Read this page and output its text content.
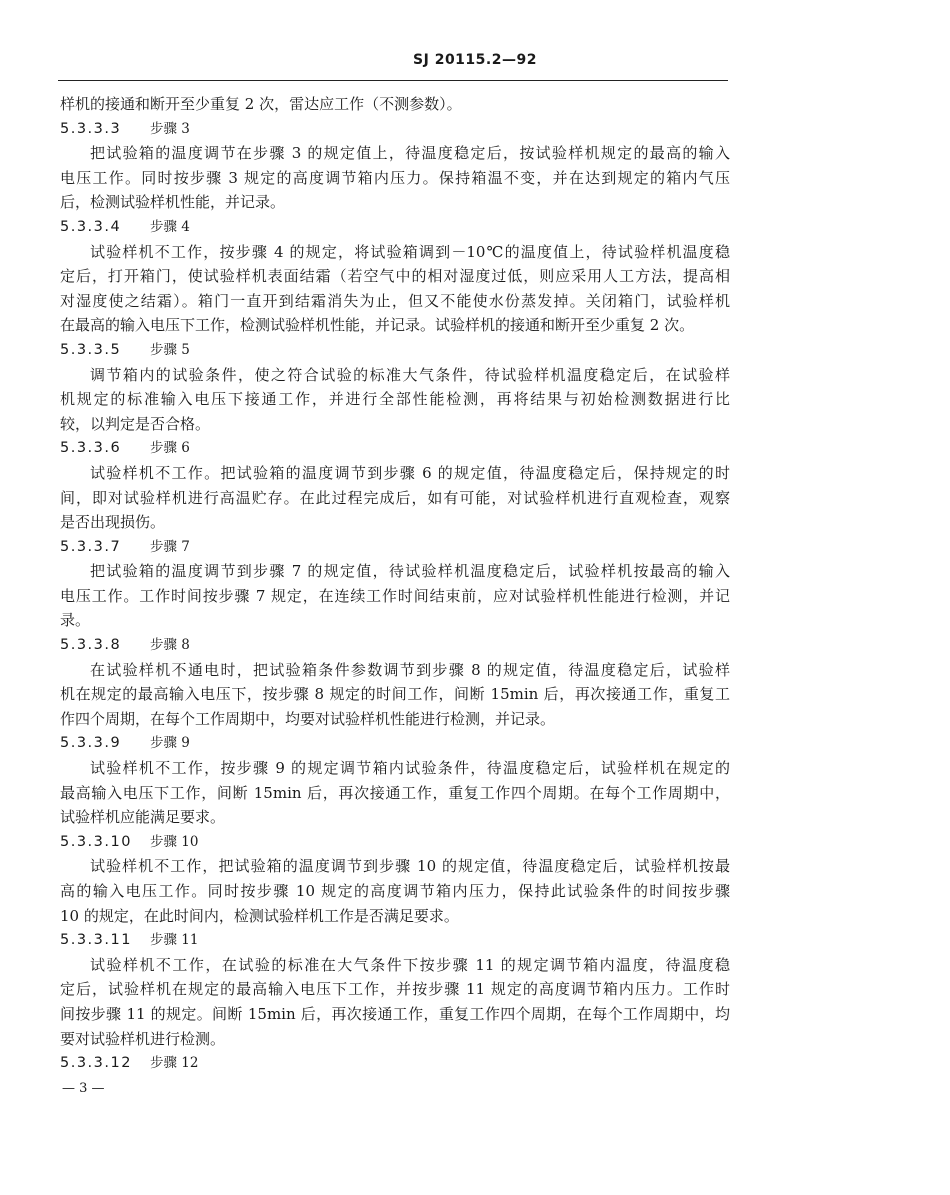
SJ 20115.2—92
样机的接通和断开至少重复 2 次，雷达应工作（不测参数）。
5.3.3.3 步骤 3
把试验箱的温度调节在步骤 3 的规定值上，待温度稳定后，按试验样机规定的最高的输入
电压工作。同时按步骤 3 规定的高度调节箱内压力。保持箱温不变，并在达到规定的箱内气压
后，检测试验样机性能，并记录。
5.3.3.4 步骤 4
试验样机不工作，按步骤 4 的规定，将试验箱调到－10℃的温度值上，待试验样机温度稳
定后，打开箱门，使试验样机表面结霜（若空气中的相对湿度过低，则应采用人工方法，提高相
对湿度使之结霜）。箱门一直开到结霜消失为止，但又不能使水份蒸发掉。关闭箱门，试验样机
在最高的输入电压下工作，检测试验样机性能，并记录。试验样机的接通和断开至少重复 2 次。
5.3.3.5 步骤 5
调节箱内的试验条件，使之符合试验的标准大气条件，待试验样机温度稳定后，在试验样
机规定的标准输入电压下接通工作，并进行全部性能检测，再将结果与初始检测数据进行比
较，以判定是否合格。
5.3.3.6 步骤 6
试验样机不工作。把试验箱的温度调节到步骤 6 的规定值，待温度稳定后，保持规定的时
间，即对试验样机进行高温贮存。在此过程完成后，如有可能，对试验样机进行直观检查，观察
是否出现损伤。
5.3.3.7 步骤 7
把试验箱的温度调节到步骤 7 的规定值，待试验样机温度稳定后，试验样机按最高的输入
电压工作。工作时间按步骤 7 规定，在连续工作时间结束前，应对试验样机性能进行检测，并记
录。
5.3.3.8 步骤 8
在试验样机不通电时，把试验箱条件参数调节到步骤 8 的规定值，待温度稳定后，试验样
机在规定的最高输入电压下，按步骤 8 规定的时间工作，间断 15min 后，再次接通工作，重复工
作四个周期，在每个工作周期中，均要对试验样机性能进行检测，并记录。
5.3.3.9 步骤 9
试验样机不工作，按步骤 9 的规定调节箱内试验条件，待温度稳定后，试验样机在规定的
最高输入电压下工作，间断 15min 后，再次接通工作，重复工作四个周期。在每个工作周期中，
试验样机应能满足要求。
5.3.3.10 步骤 10
试验样机不工作，把试验箱的温度调节到步骤 10 的规定值，待温度稳定后，试验样机按最
高的输入电压工作。同时按步骤 10 规定的高度调节箱内压力，保持此试验条件的时间按步骤
10 的规定，在此时间内，检测试验样机工作是否满足要求。
5.3.3.11 步骤 11
试验样机不工作，在试验的标准在大气条件下按步骤 11 的规定调节箱内温度，待温度稳
定后，试验样机在规定的最高输入电压下工作，并按步骤 11 规定的高度调节箱内压力。工作时
间按步骤 11 的规定。间断 15min 后，再次接通工作，重复工作四个周期，在每个工作周期中，均
要对试验样机进行检测。
5.3.3.12 步骤 12
— 3 —
